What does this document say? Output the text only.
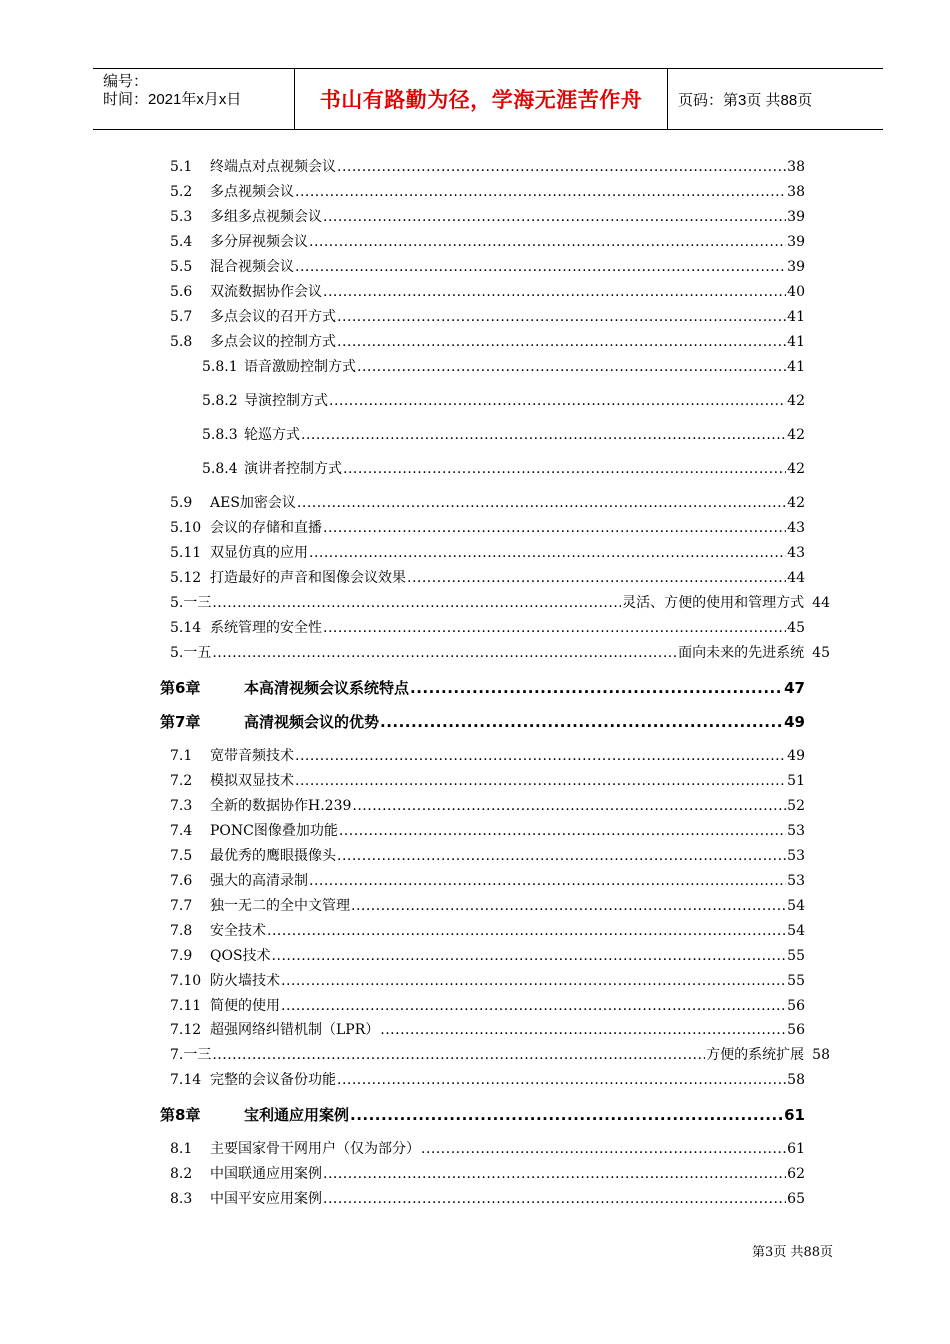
编号：
时间：2021年x月x日	书山有路勤为径，学海无涯苦作舟	页码：第3页 共88页
5.1	终端点对点视频会议 .....	38
5.2	多点视频会议 .....	38
5.3	多组多点视频会议 .....	39
5.4	多分屏视频会议 .....	39
5.5	混合视频会议 .....	39
5.6	双流数据协作会议 .....	40
5.7	多点会议的召开方式 .....	41
5.8	多点会议的控制方式 .....	41
5.8.1 语音激励控制方式 .....	41
5.8.2 导演控制方式 .....	42
5.8.3 轮巡方式 .....	42
5.8.4 演讲者控制方式 .....	42
5.9	AES加密会议 .....	42
5.10 会议的存储和直播 .....	43
5.11 双显仿真的应用 .....	43
5.12 打造最好的声音和图像会议效果 .....	44
5.一三 .....	灵活、方便的使用和管理方式 44
5.14 系统管理的安全性 .....	45
5.一五 .....	面向未来的先进系统 45
第6章	本高清视频会议系统特点 .....	47
第7章	高清视频会议的优势 .....	49
7.1	宽带音频技术 .....	49
7.2	模拟双显技术 .....	51
7.3	全新的数据协作H.239 .....	52
7.4	PONC图像叠加功能 .....	53
7.5	最优秀的鹰眼摄像头 .....	53
7.6	强大的高清录制 .....	53
7.7	独一无二的全中文管理 .....	54
7.8	安全技术 .....	54
7.9	QOS技术 .....	55
7.10 防火墙技术 .....	55
7.11 简便的使用 .....	56
7.12 超强网络纠错机制（LPR） .....	56
7.一三 .....	方便的系统扩展 58
7.14 完整的会议备份功能 .....	58
第8章	宝利通应用案例 .....	61
8.1	主要国家骨干网用户（仅为部分） .....	61
8.2	中国联通应用案例 .....	62
8.3	中国平安应用案例 .....	65
第3页 共88页
